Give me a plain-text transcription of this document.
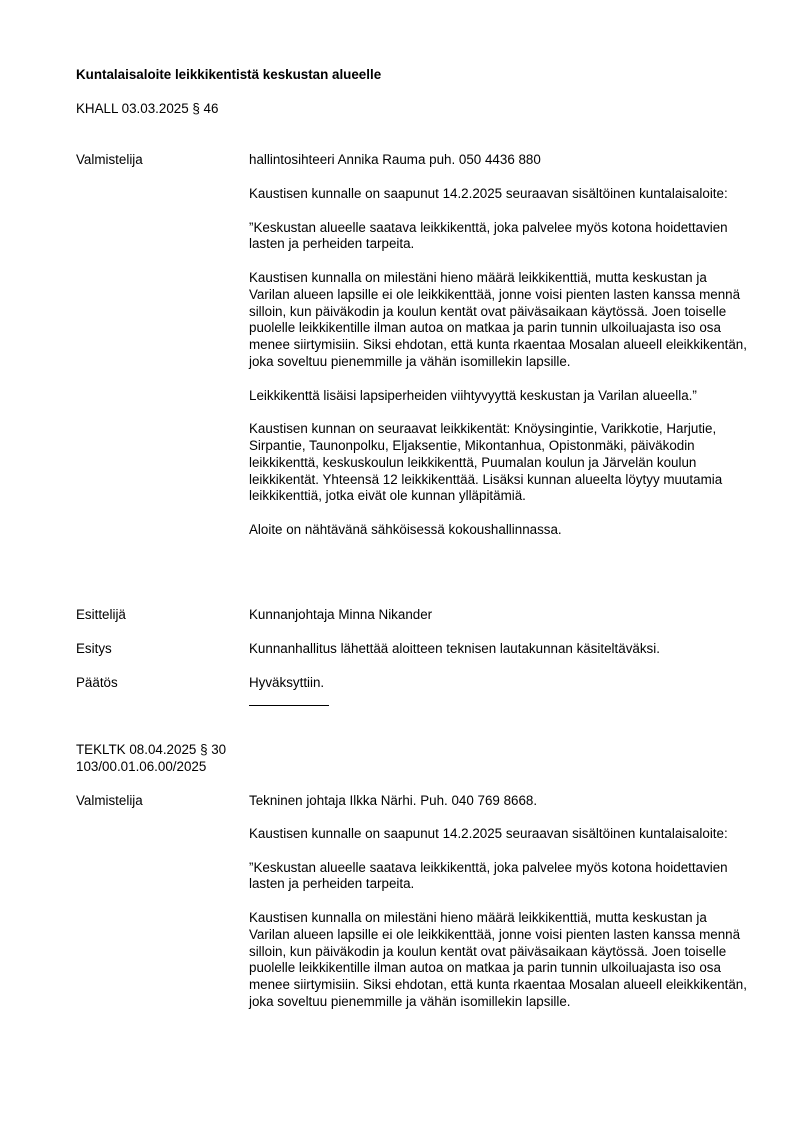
Kuntalaisaloite leikkikentistä keskustan alueelle
KHALL 03.03.2025 § 46
Valmistelija	hallintosihteeri Annika Rauma puh. 050 4436 880

Kaustisen kunnalle on saapunut 14.2.2025 seuraavan sisältöinen kuntalaisaloite:

”Keskustan alueelle saatava leikkikenttä, joka palvelee myös kotona hoidettavien lasten ja perheiden tarpeita.

Kaustisen kunnalla on milestäni hieno määrä leikkikenttiä, mutta keskustan ja Varilan alueen lapsille ei ole leikkikenttää, jonne voisi pienten lasten kanssa mennä silloin, kun päiväkodin ja koulun kentät ovat päiväsaikaan käytössä. Joen toiselle puolelle leikkikentille ilman autoa on matkaa ja parin tunnin ulkoiluajasta iso osa menee siirtymisiin. Siksi ehdotan, että kunta rkaentaa Mosalan alueell eleikkikentän, joka soveltuu pienemmille ja vähän isomillekin lapsille.

Leikkikenttä lisäisi lapsiperheiden viihtyvyyttä keskustan ja Varilan alueella.”

Kaustisen kunnan on seuraavat leikkikentät: Knöysingintie, Varikkotie, Harjutie, Sirpantie, Taunonpolku, Eljaksentie, Mikontanhua, Opistonmäki, päiväkodin leikkikenttä, keskuskoulun leikkikenttä, Puumalan koulun ja Järvelän koulun leikkikentät. Yhteensä 12 leikkikenttää. Lisäksi kunnan alueelta löytyy muutamia leikkikenttiä, jotka eivät ole kunnan ylläpitämiä.

Aloite on nähtävänä sähköisessä kokoushallinnassa.

Esittelijä	Kunnanjohtaja Minna Nikander
Esitys	Kunnanhallitus lähettää aloitteen teknisen lautakunnan käsiteltäväksi.
Päätös	Hyväksyttiin.
TEKLTK 08.04.2025 § 30
103/00.01.06.00/2025
Valmistelija	Tekninen johtaja Ilkka Närhi. Puh. 040 769 8668.

Kaustisen kunnalle on saapunut 14.2.2025 seuraavan sisältöinen kuntalaisaloite:

”Keskustan alueelle saatava leikkikenttä, joka palvelee myös kotona hoidettavien lasten ja perheiden tarpeita.

Kaustisen kunnalla on milestäni hieno määrä leikkikenttiä, mutta keskustan ja Varilan alueen lapsille ei ole leikkikenttää, jonne voisi pienten lasten kanssa mennä silloin, kun päiväkodin ja koulun kentät ovat päiväsaikaan käytössä. Joen toiselle puolelle leikkikentille ilman autoa on matkaa ja parin tunnin ulkoiluajasta iso osa menee siirtymisiin. Siksi ehdotan, että kunta rkaentaa Mosalan alueell eleikkikentän, joka soveltuu pienemmille ja vähän isomillekin lapsille.
